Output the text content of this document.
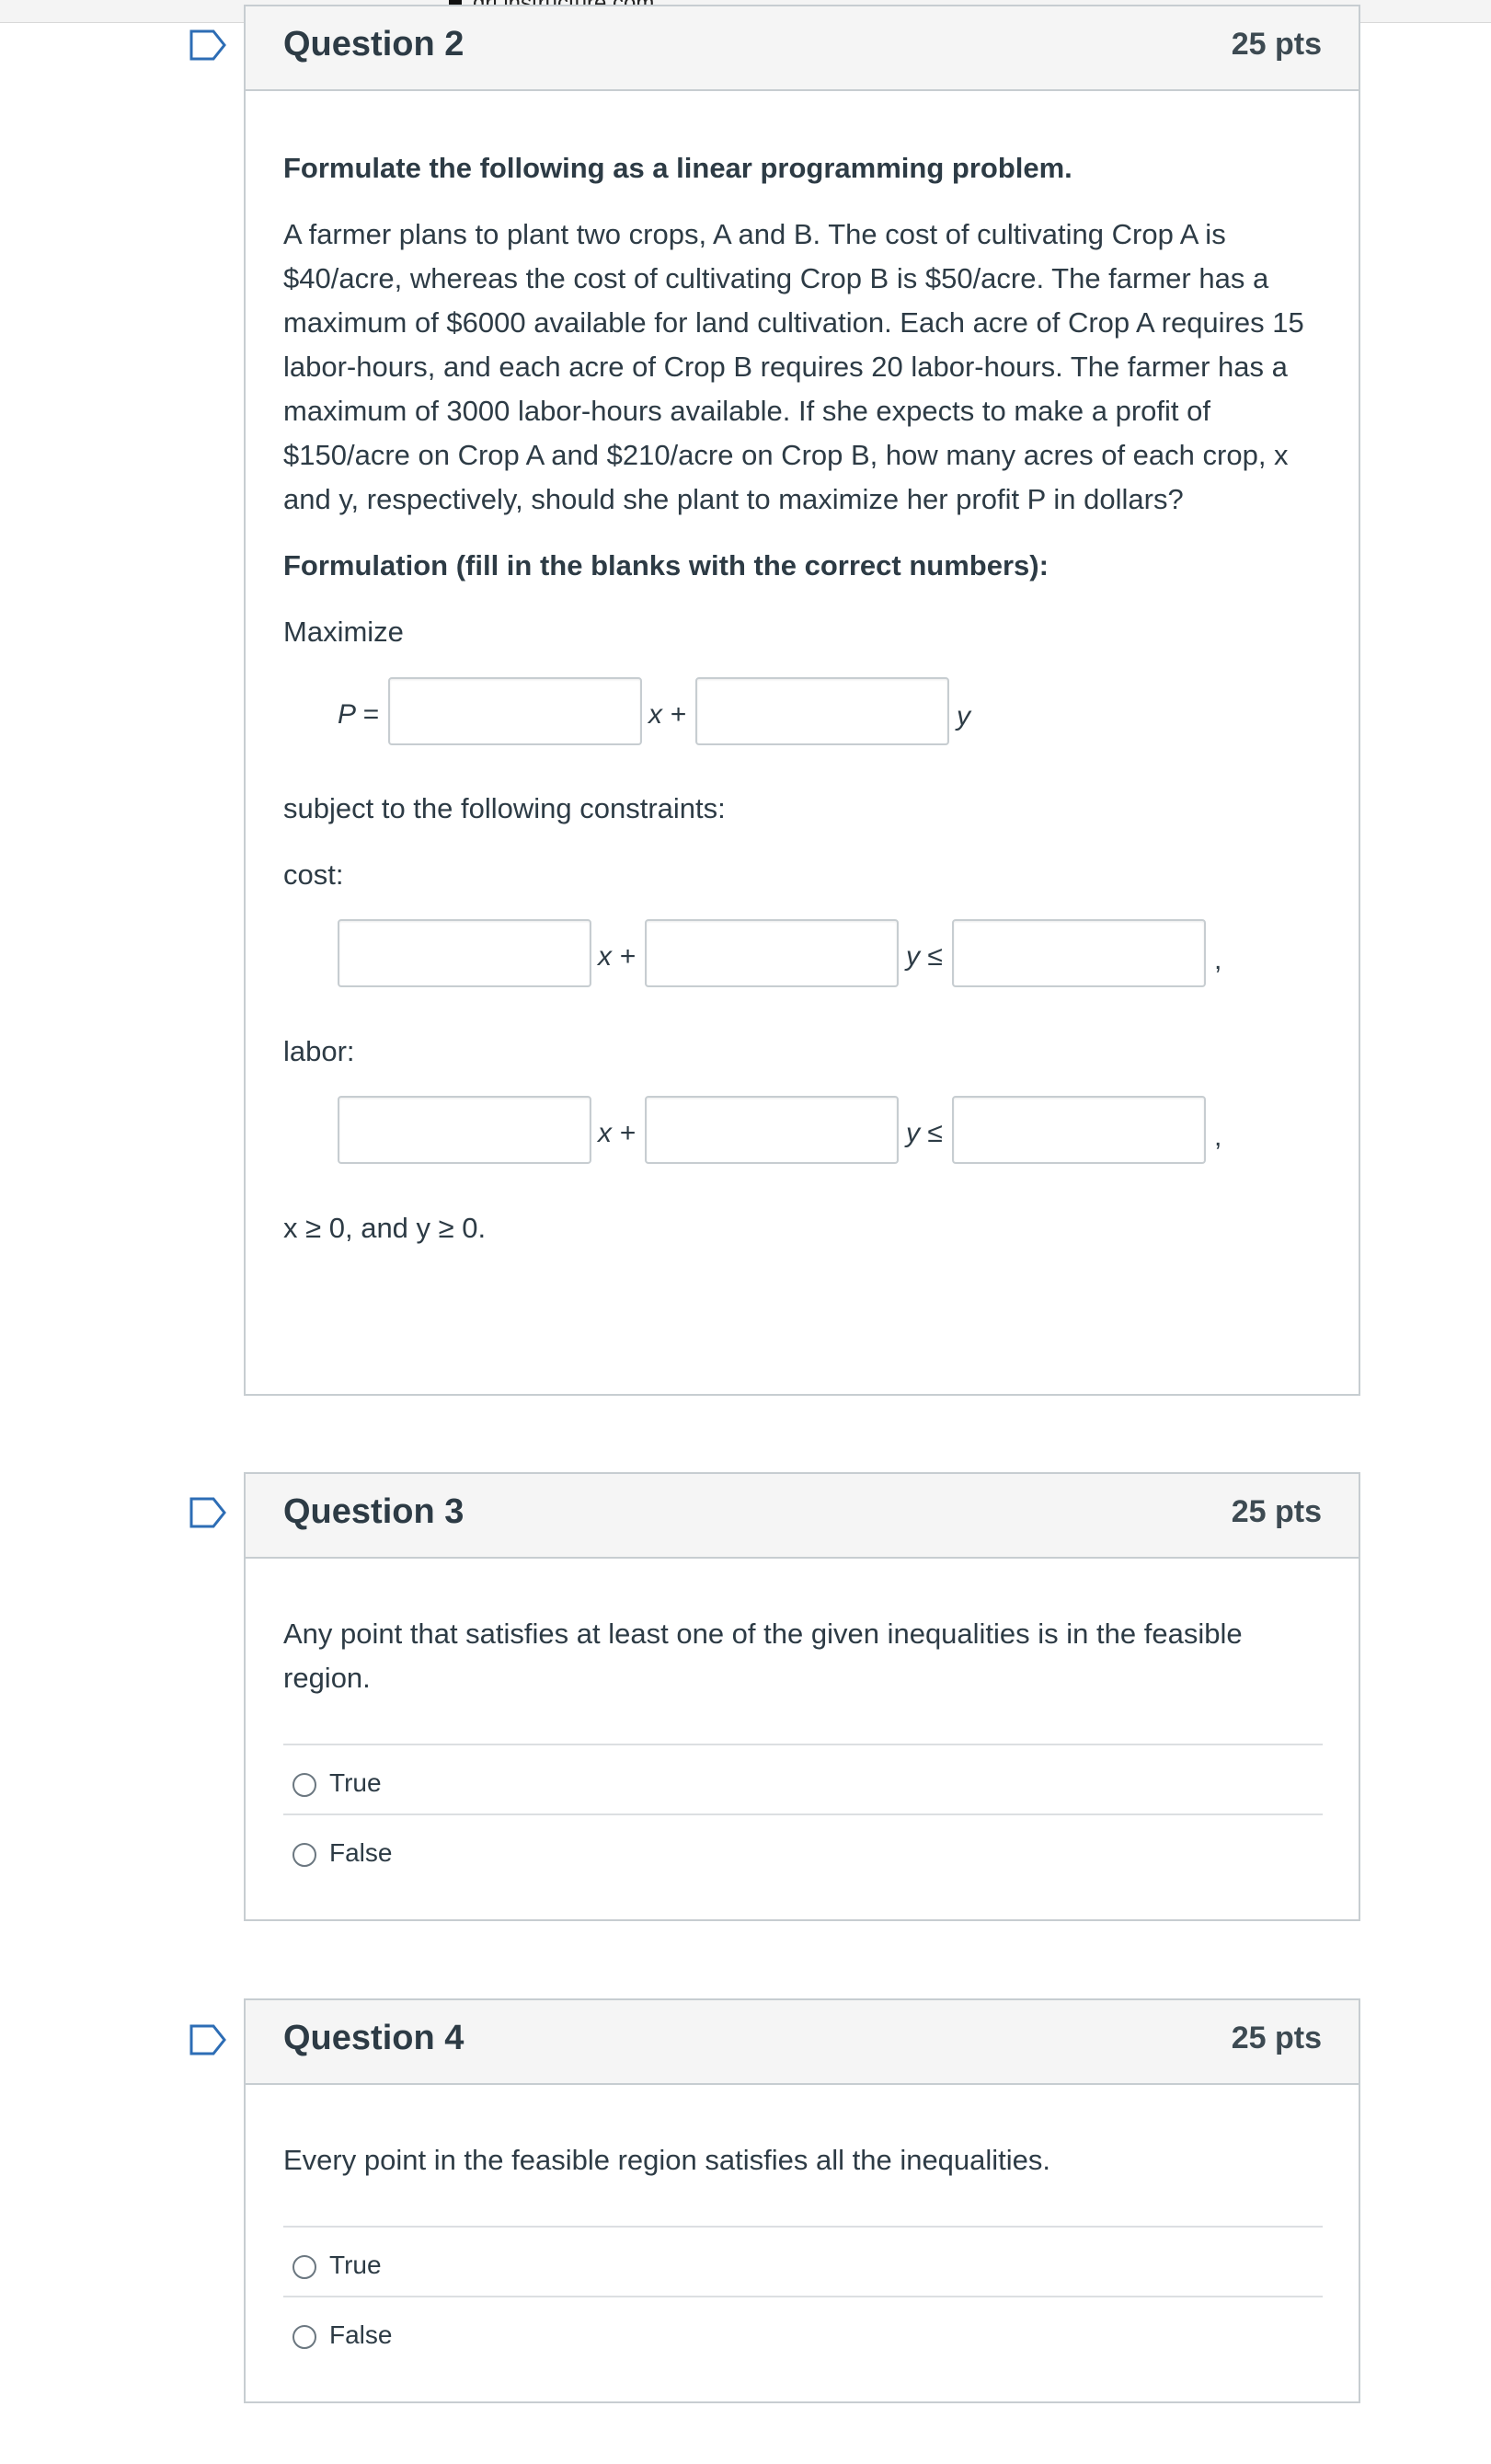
Question 2	25 pts

Formulate the following as a linear programming problem.

A farmer plans to plant two crops, A and B. The cost of cultivating Crop A is $40/acre, whereas the cost of cultivating Crop B is $50/acre. The farmer has a maximum of $6000 available for land cultivation. Each acre of Crop A requires 15 labor-hours, and each acre of Crop B requires 20 labor-hours. The farmer has a maximum of 3000 labor-hours available. If she expects to make a profit of $150/acre on Crop A and $210/acre on Crop B, how many acres of each crop, x and y, respectively, should she plant to maximize her profit P in dollars?

Formulation (fill in the blanks with the correct numbers):

Maximize

P =	x +	y

subject to the following constraints:

cost:

x +	y ≤	,

labor:

x +	y ≤	,

x ≥ 0, and y ≥ 0.

Question 3	25 pts

Any point that satisfies at least one of the given inequalities is in the feasible region.

True
False
Question 4	25 pts

Every point in the feasible region satisfies all the inequalities.

True
False
